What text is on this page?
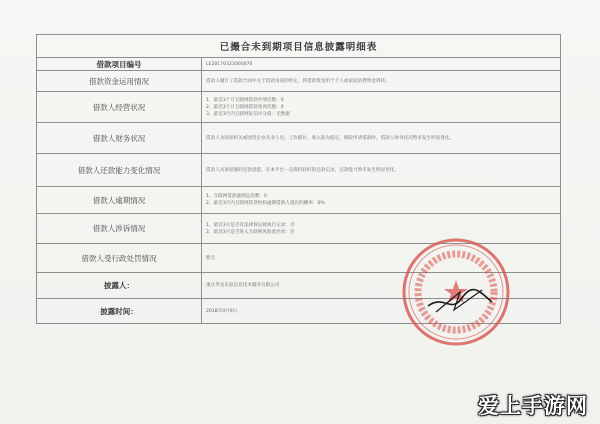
已撮合未到期项目信息披露明细表	
借款项目编号	LE20170323000076

借款资金运用情况	借款人履行了借款合同中关于借款用途的约定，将借款资金用于个人或家庭消费资金周转。

借款人经营状况	1、最近3个月互联网借款申请次数：0
2、最近3个月互联网借款查询次数：0
3、最近3月内互联网征信评分值：无数据

借款人财务状况	借款人为国家机关或国营企业从业人员，工作职位、收入较为稳定，相较申请借款时，借款人财务状况暂未发生明显变化。

借款人还款能力变化情况	借款人具备较强的还款意愿，在本平台一直保持较好的还款记录，还款能力暂未发生明显变化。

借款人逾期情况	1、互联网借款逾期总次数：0
2、最近3月内互联网借贷机构逾期借款人逃出的概率：0%

借款人涉诉情况	1、最近3月是否有法律诉讼被执行记录：否
2、最近3月是否进入互联网风险黑名单：否

借款人受行政处罚情况	暂无

披露人：	重庆华龙乐兹信息技术服务有限公司

披露时间：	2018年4月9日
爱上手游网
